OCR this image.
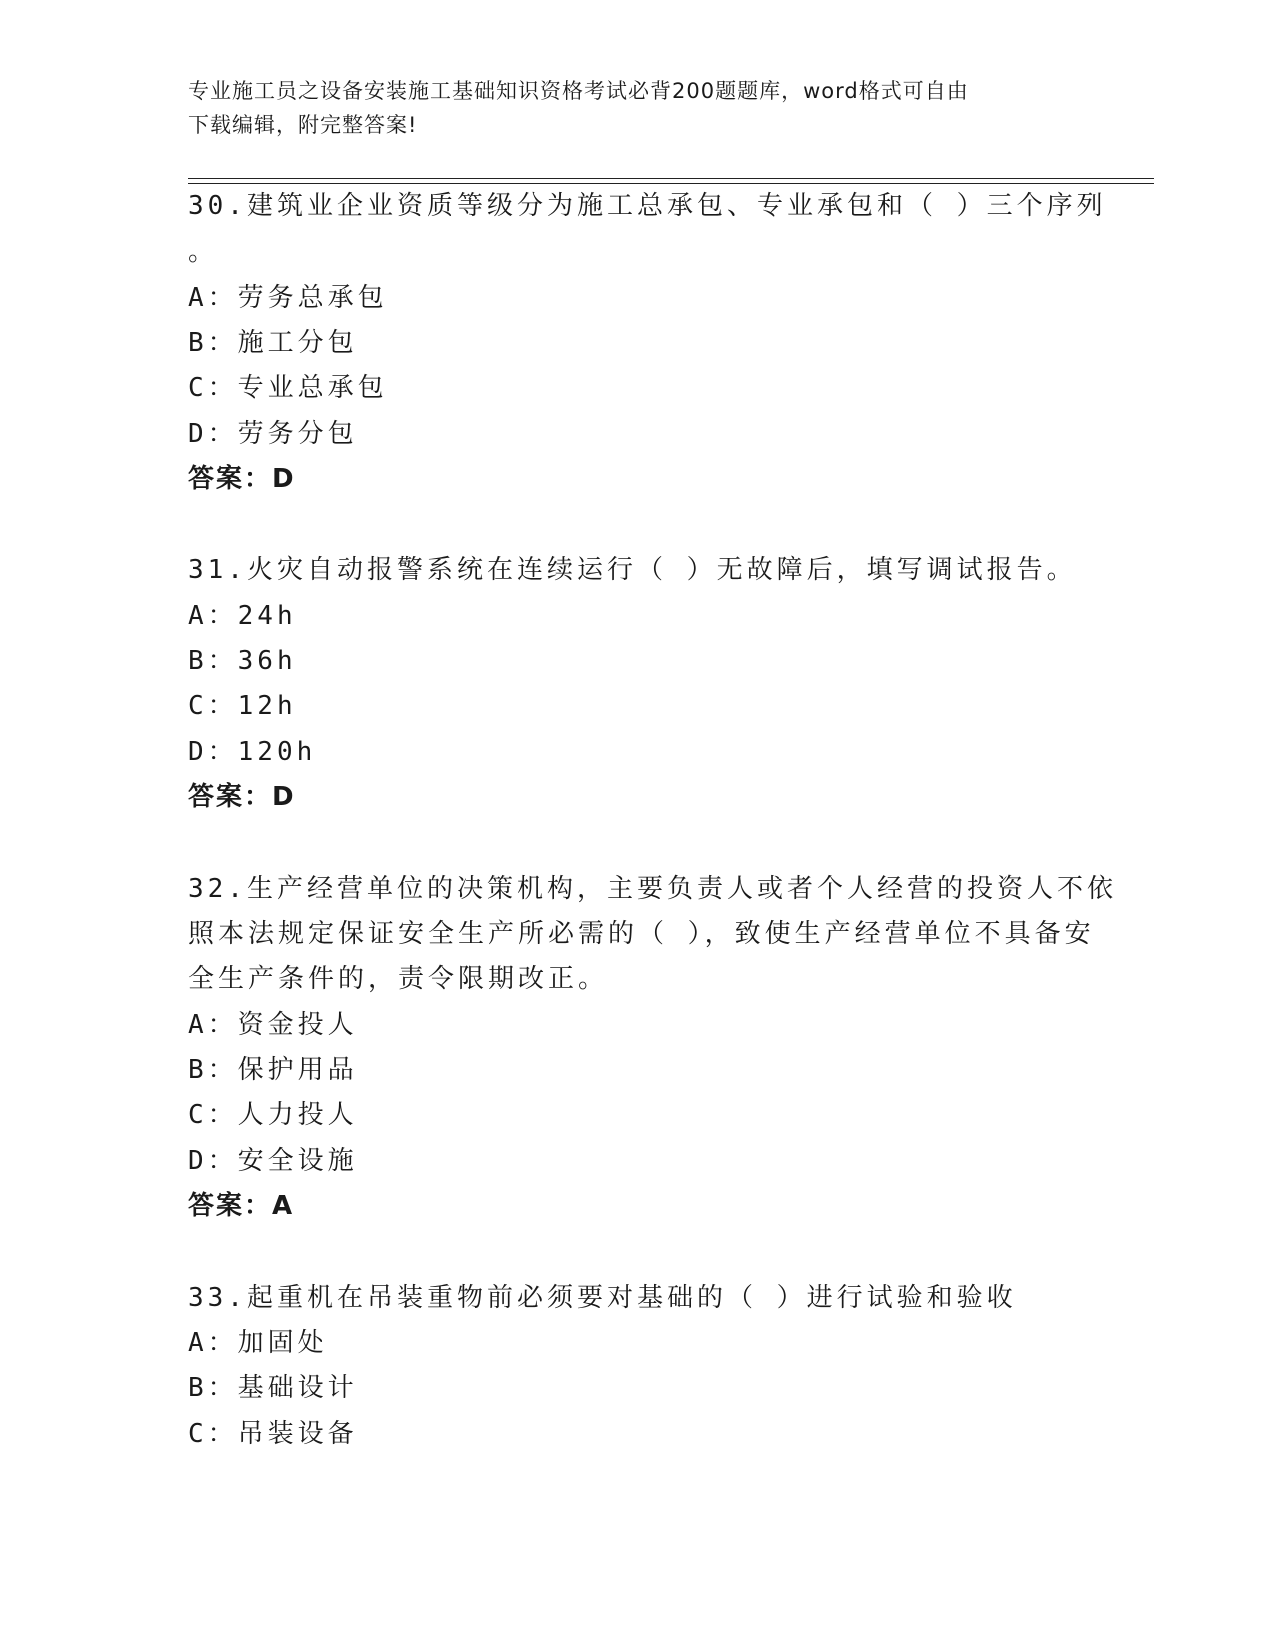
专业施工员之设备安装施工基础知识资格考试必背200题题库，word格式可自由
下载编辑，附完整答案!
30.建筑业企业资质等级分为施工总承包、专业承包和（ ）三个序列
。
A：劳务总承包
B：施工分包
C：专业总承包
D：劳务分包
答案：D
31.火灾自动报警系统在连续运行（ ）无故障后，填写调试报告。
A：24h
B：36h
C：12h
D：120h
答案：D
32.生产经营单位的决策机构，主要负责人或者个人经营的投资人不依
照本法规定保证安全生产所必需的（ ），致使生产经营单位不具备安
全生产条件的，责令限期改正。
A：资金投人
B：保护用品
C：人力投人
D：安全设施
答案：A
33.起重机在吊装重物前必须要对基础的（ ）进行试验和验收
A：加固处
B：基础设计
C：吊装设备
